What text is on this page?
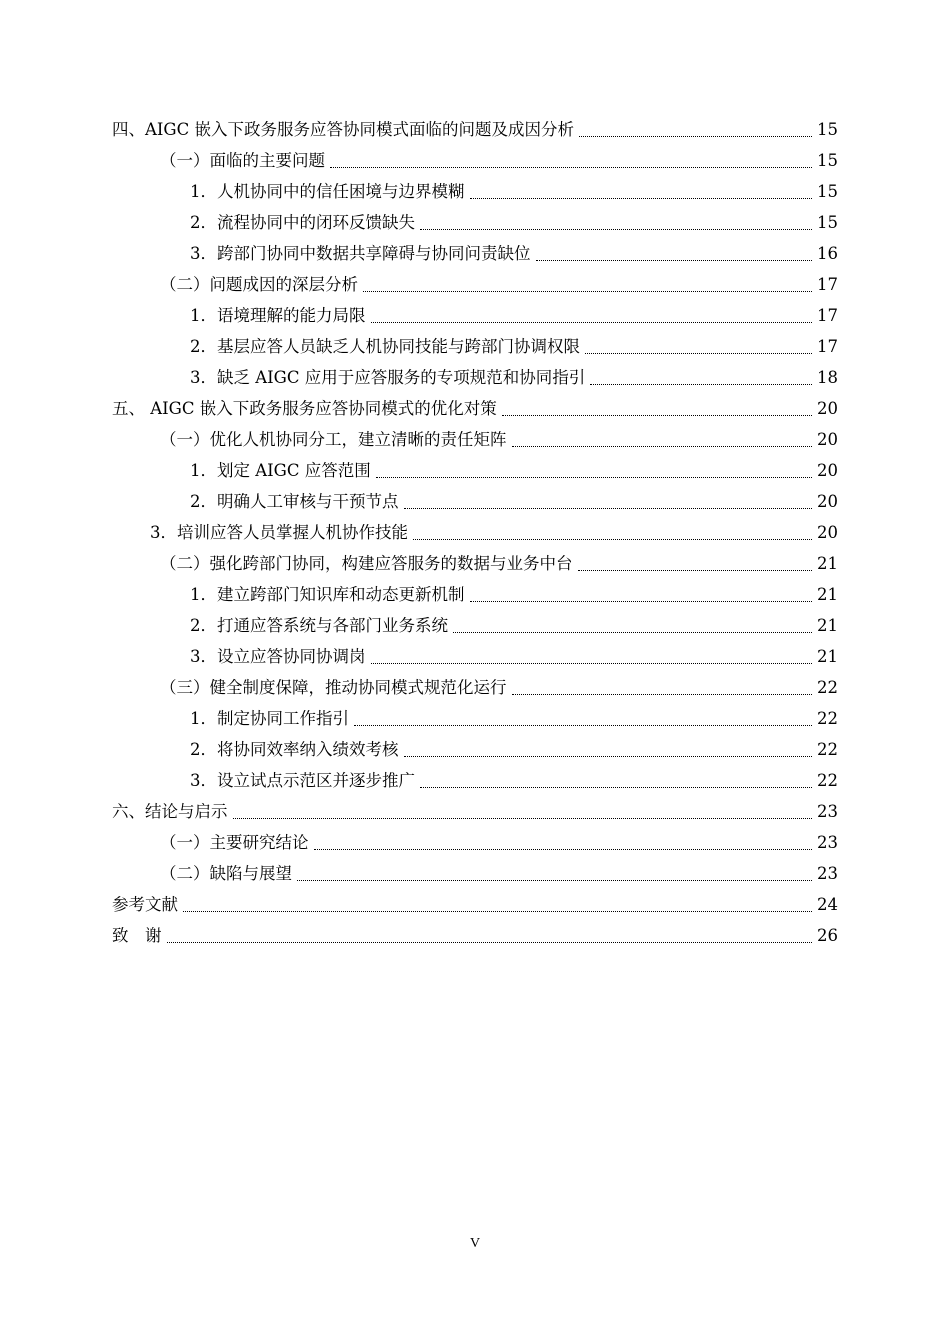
四、AIGC 嵌入下政务服务应答协同模式面临的问题及成因分析	15
（一）面临的主要问题	15
1．人机协同中的信任困境与边界模糊	15
2．流程协同中的闭环反馈缺失	15
3．跨部门协同中数据共享障碍与协同问责缺位	16
（二）问题成因的深层分析	17
1．语境理解的能力局限	17
2．基层应答人员缺乏人机协同技能与跨部门协调权限	17
3．缺乏 AIGC 应用于应答服务的专项规范和协同指引	18
五、 AIGC 嵌入下政务服务应答协同模式的优化对策	20
（一）优化人机协同分工，建立清晰的责任矩阵	20
1．划定 AIGC 应答范围	20
2．明确人工审核与干预节点	20
3．培训应答人员掌握人机协作技能	20
（二）强化跨部门协同，构建应答服务的数据与业务中台	21
1．建立跨部门知识库和动态更新机制	21
2．打通应答系统与各部门业务系统	21
3．设立应答协同协调岗	21
（三）健全制度保障，推动协同模式规范化运行	22
1．制定协同工作指引	22
2．将协同效率纳入绩效考核	22
3．设立试点示范区并逐步推广	22
六、结论与启示	23
（一）主要研究结论	23
（二）缺陷与展望	23
参考文献	24
致　谢	26
V
